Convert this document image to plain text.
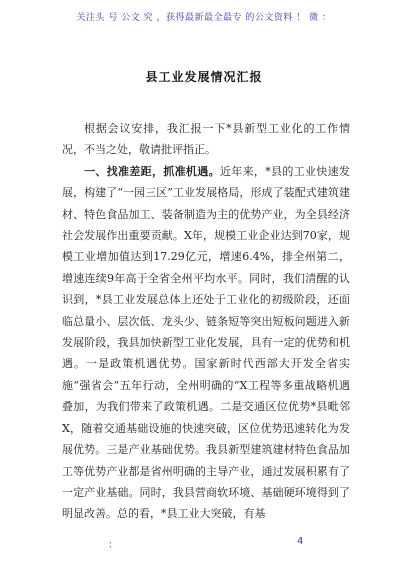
关注头 号 公文 究 ，获得最新最全最专 的公文资料 ！ 微 ：
县工业发展情况汇报

根据会议安排，我汇报一下*县新型工业化的工作情况，不当之处，敬请批评指正。

一、找准差距，抓准机遇。近年来，*县的工业快速发展，构建了“一园三区”工业发展格局，形成了装配式建筑建材、特色食品加工、装备制造为主的优势产业，为全县经济社会发展作出重要贡献。X年，规模工业企业达到70家，规模工业增加值达到17.29亿元，增速6.4%，排全州第二，增速连续9年高于全省全州平均水平。同时，我们清醒的认识到，*县工业发展总体上还处于工业化的初级阶段，还面临总量小、层次低、龙头少、链条短等突出短板问题进入新发展阶段，我县加快新型工业化发展，具有一定的优势和机遇。一是政策机遇优势。国家新时代西部大开发全省实施“强省会”五年行动，全州明确的“X工程等多重战略机遇叠加，为我们带来了政策机遇。二是交通区位优势*县毗邻X，随着交通基础设施的快速突破，区位优势迅速转化为发展优势。三是产业基础优势。我县新型建筑建材特色食品加工等优势产业都是省州明确的主导产业，通过发展积累有了一定产业基础。同时，我县营商软环境、基础硬环境得到了明显改善。总的看，*县工业大突破，有基

：	4
